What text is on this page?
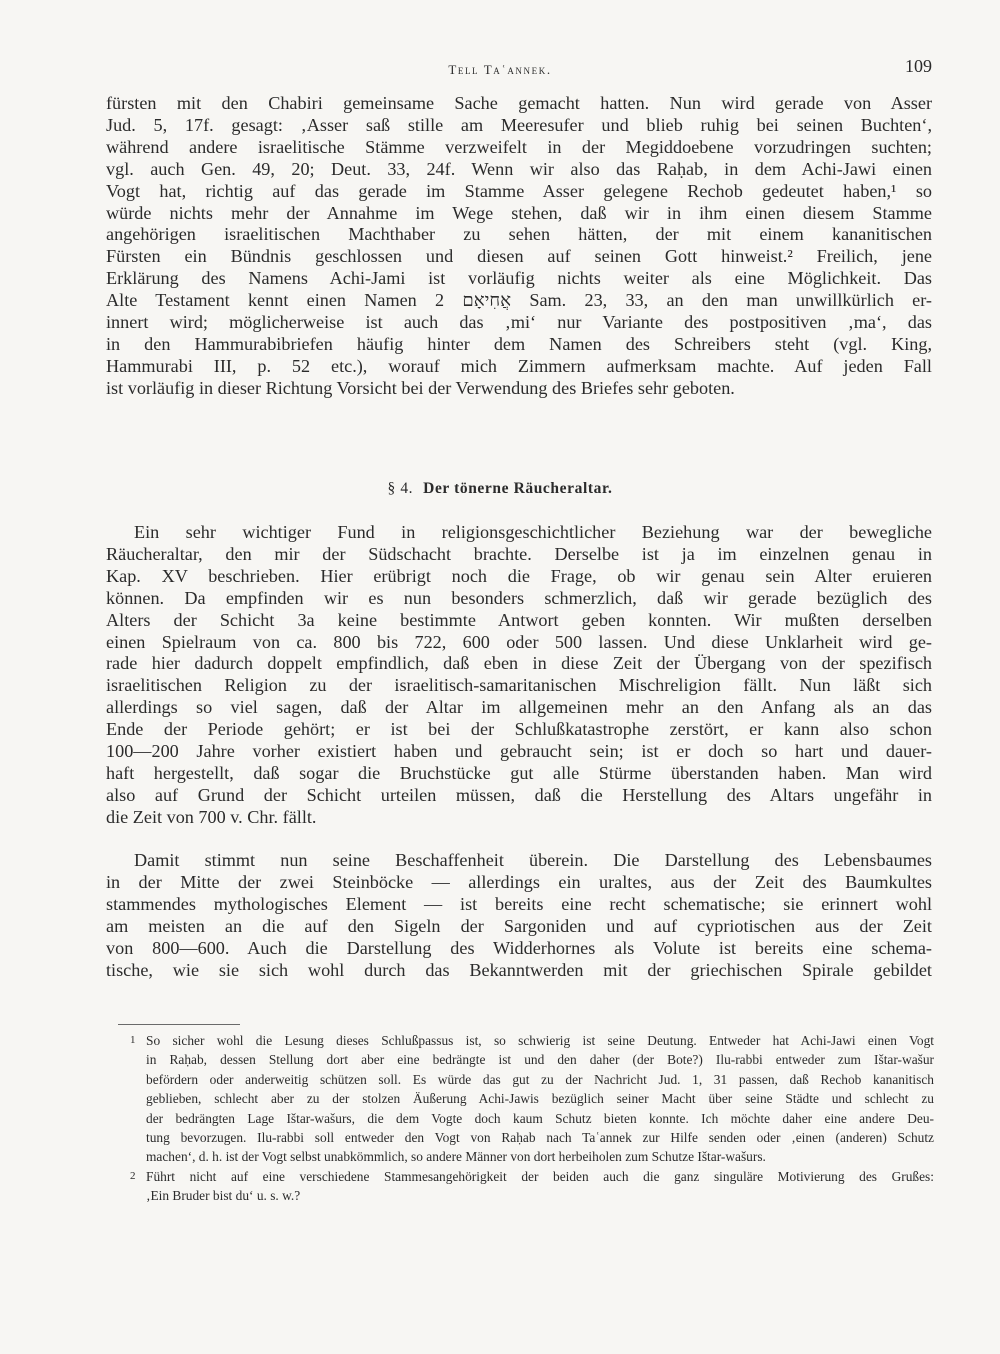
Tell Taʿannek.	109
fürsten mit den Chabiri gemeinsame Sache gemacht hatten. Nun wird gerade von Asser
Jud. 5, 17f. gesagt: ‚Asser saß stille am Meeresufer und blieb ruhig bei seinen Buchten‘,
während andere israelitische Stämme verzweifelt in der Megiddoebene vorzudringen suchten;
vgl. auch Gen. 49, 20; Deut. 33, 24f. Wenn wir also das Raḥab, in dem Achi-Jawi einen
Vogt hat, richtig auf das gerade im Stamme Asser gelegene Rechob gedeutet haben,¹ so
würde nichts mehr der Annahme im Wege stehen, daß wir in ihm einen diesem Stamme
angehörigen israelitischen Machthaber zu sehen hätten, der mit einem kananitischen
Fürsten ein Bündnis geschlossen und diesen auf seinen Gott hinweist.² Freilich, jene
Erklärung des Namens Achi-Jami ist vorläufig nichts weiter als eine Möglichkeit. Das
Alte Testament kennt einen Namen אֲחִיאָם 2 Sam. 23, 33, an den man unwillkürlich er-
innert wird; möglicherweise ist auch das ‚mi‘ nur Variante des postpositiven ‚ma‘, das
in den Hammurabibriefen häufig hinter dem Namen des Schreibers steht (vgl. King,
Hammurabi III, p. 52 etc.), worauf mich Zimmern aufmerksam machte. Auf jeden Fall
ist vorläufig in dieser Richtung Vorsicht bei der Verwendung des Briefes sehr geboten.
§ 4. Der tönerne Räucheraltar.
Ein sehr wichtiger Fund in religionsgeschichtlicher Beziehung war der bewegliche
Räucheraltar, den mir der Südschacht brachte. Derselbe ist ja im einzelnen genau in
Kap. XV beschrieben. Hier erübrigt noch die Frage, ob wir genau sein Alter eruieren
können. Da empfinden wir es nun besonders schmerzlich, daß wir gerade bezüglich des
Alters der Schicht 3a keine bestimmte Antwort geben konnten. Wir mußten derselben
einen Spielraum von ca. 800 bis 722, 600 oder 500 lassen. Und diese Unklarheit wird ge-
rade hier dadurch doppelt empfindlich, daß eben in diese Zeit der Übergang von der spezifisch
israelitischen Religion zu der israelitisch-samaritanischen Mischreligion fällt. Nun läßt sich
allerdings so viel sagen, daß der Altar im allgemeinen mehr an den Anfang als an das
Ende der Periode gehört; er ist bei der Schlußkatastrophe zerstört, er kann also schon
100—200 Jahre vorher existiert haben und gebraucht sein; ist er doch so hart und dauer-
haft hergestellt, daß sogar die Bruchstücke gut alle Stürme überstanden haben. Man wird
also auf Grund der Schicht urteilen müssen, daß die Herstellung des Altars ungefähr in
die Zeit von 700 v. Chr. fällt.
Damit stimmt nun seine Beschaffenheit überein. Die Darstellung des Lebensbaumes
in der Mitte der zwei Steinböcke — allerdings ein uraltes, aus der Zeit des Baumkultes
stammendes mythologisches Element — ist bereits eine recht schematische; sie erinnert wohl
am meisten an die auf den Sigeln der Sargoniden und auf cypriotischen aus der Zeit
von 800—600. Auch die Darstellung des Widderhornes als Volute ist bereits eine schema-
tische, wie sie sich wohl durch das Bekanntwerden mit der griechischen Spirale gebildet
1 So sicher wohl die Lesung dieses Schlußpassus ist, so schwierig ist seine Deutung. Entweder hat Achi-Jawi einen Vogt
in Raḥab, dessen Stellung dort aber eine bedrängte ist und den daher (der Bote?) Ilu-rabbi entweder zum Ištar-wašur
befördern oder anderweitig schützen soll. Es würde das gut zu der Nachricht Jud. 1, 31 passen, daß Rechob kananitisch
geblieben, schlecht aber zu der stolzen Äußerung Achi-Jawis bezüglich seiner Macht über seine Städte und schlecht zu
der bedrängten Lage Ištar-wašurs, die dem Vogte doch kaum Schutz bieten konnte. Ich möchte daher eine andere Deu-
tung bevorzugen. Ilu-rabbi soll entweder den Vogt von Raḥab nach Taʿannek zur Hilfe senden oder ‚einen (anderen) Schutz
machen‘, d. h. ist der Vogt selbst unabkömmlich, so andere Männer von dort herbeiholen zum Schutze Ištar-wašurs.
2 Führt nicht auf eine verschiedene Stammesangehörigkeit der beiden auch die ganz singuläre Motivierung des Grußes:
‚Ein Bruder bist du‘ u. s. w.?
